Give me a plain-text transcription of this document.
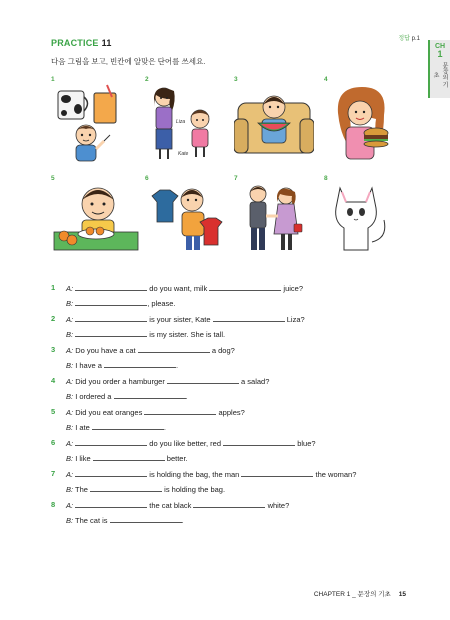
정답 p.1
CH
1
문장의 기초
PRACTICE 11
다음 그림을 보고, 빈칸에 알맞은 단어를 쓰세요.
1	2	3	4
Liza
Kate
5	6	7	8
1 A:	do you want, milk	juice?
B:	, please.
2 A:	is your sister, Kate	Liza?
B:	is my sister. She is tall.
3 A: Do you have a cat	a dog?
B: I have a	.
4 A: Did you order a hamburger	a salad?
B: I ordered a	.
5 A: Did you eat oranges	apples?
B: I ate	.
6 A:	do you like better, red	blue?
B: I like	better.
7 A:	is holding the bag, the man	the woman?
B: The	is holding the bag.
8 A:	the cat black	white?
B: The cat is	.
CHAPTER 1 _ 문장의 기초 15
